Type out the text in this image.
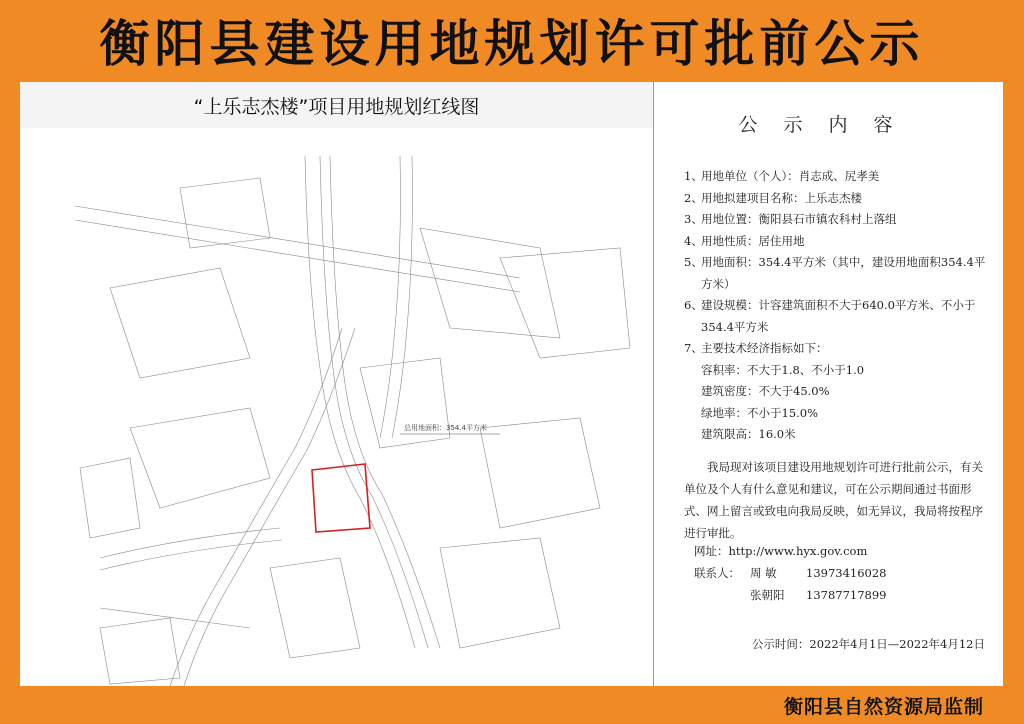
衡阳县建设用地规划许可批前公示
“上乐志杰楼”项目用地规划红线图
总用地面积：354.4平方米
公示内容
1、
用地单位（个人）：肖志成、尻孝美
2、
用地拟建项目名称：上乐志杰楼
3、
用地位置：衡阳县石市镇农科村上落组
4、
用地性质：居住用地
5、
用地面积：354.4平方米（其中，建设用地面积354.4平方米）
6、
建设规模：计容建筑面积不大于640.0平方米、不小于354.4平方米
7、
主要技术经济指标如下：
容积率：不大于1.8、不小于1.0
建筑密度：不大于45.0%
绿地率：不小于15.0%
建筑限高：16.0米
我局现对该项目建设用地规划许可进行批前公示，有关单位及个人有什么意见和建议，可在公示期间通过书面形式、网上留言或致电向我局反映，如无异议，我局将按程序进行审批。
网址： http://www.hyx.gov.com
联系人： 周 敏	13973416028
张朝阳	13787717899
公示时间：2022年4月1日—2022年4月12日
衡阳县自然资源局监制
